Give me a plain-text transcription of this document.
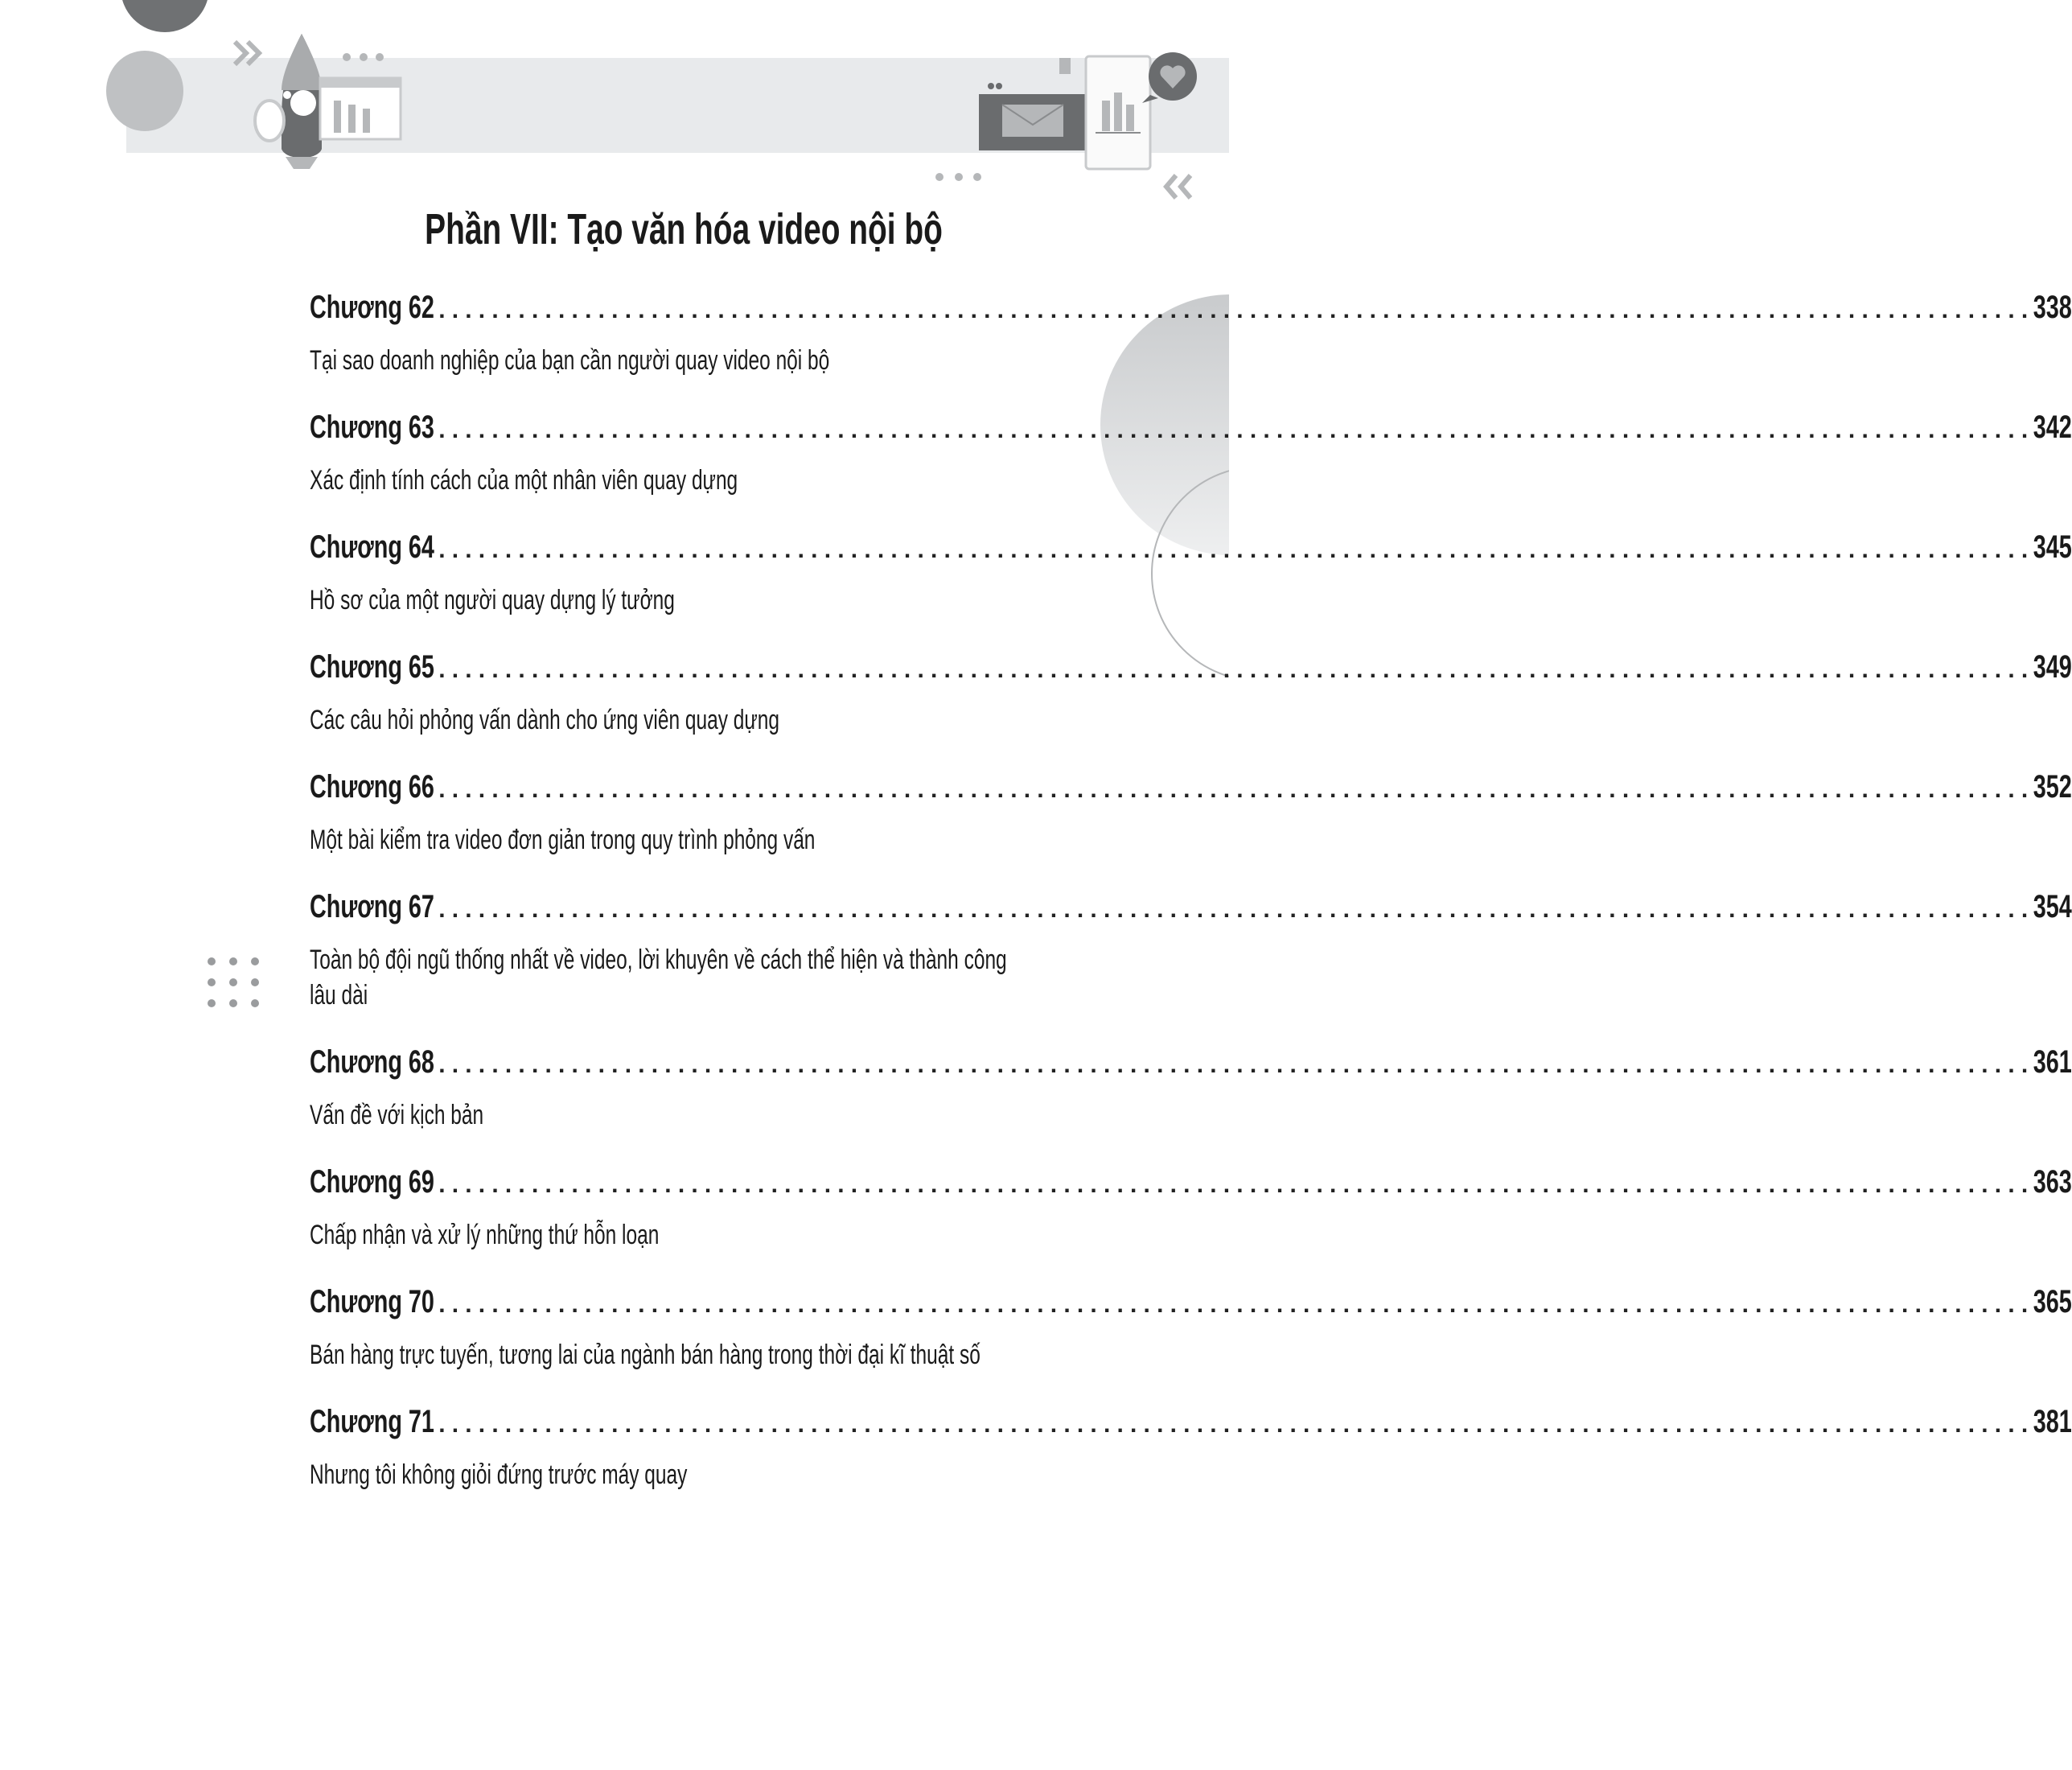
Phần VII: Tạo văn hóa video nội bộ
Chương 62 ........................................................................................................................
338
Tại sao doanh nghiệp của bạn cần người quay video nội bộ
Chương 63 ........................................................................................................................
342
Xác định tính cách của một nhân viên quay dựng
Chương 64 ........................................................................................................................
345
Hồ sơ của một người quay dựng lý tưởng
Chương 65 ........................................................................................................................
349
Các câu hỏi phỏng vấn dành cho ứng viên quay dựng
Chương 66 ........................................................................................................................
352
Một bài kiểm tra video đơn giản trong quy trình phỏng vấn
Chương 67 ........................................................................................................................
354
Toàn bộ đội ngũ thống nhất về video, lời khuyên về cách thể hiện và thành công lâu dài
Chương 68 ........................................................................................................................
361
Vấn đề với kịch bản
Chương 69 ........................................................................................................................
363
Chấp nhận và xử lý những thứ hỗn loạn
Chương 70 ........................................................................................................................
365
Bán hàng trực tuyến, tương lai của ngành bán hàng trong thời đại kĩ thuật số
Chương 71 ........................................................................................................................
381
Nhưng tôi không giỏi đứng trước máy quay
